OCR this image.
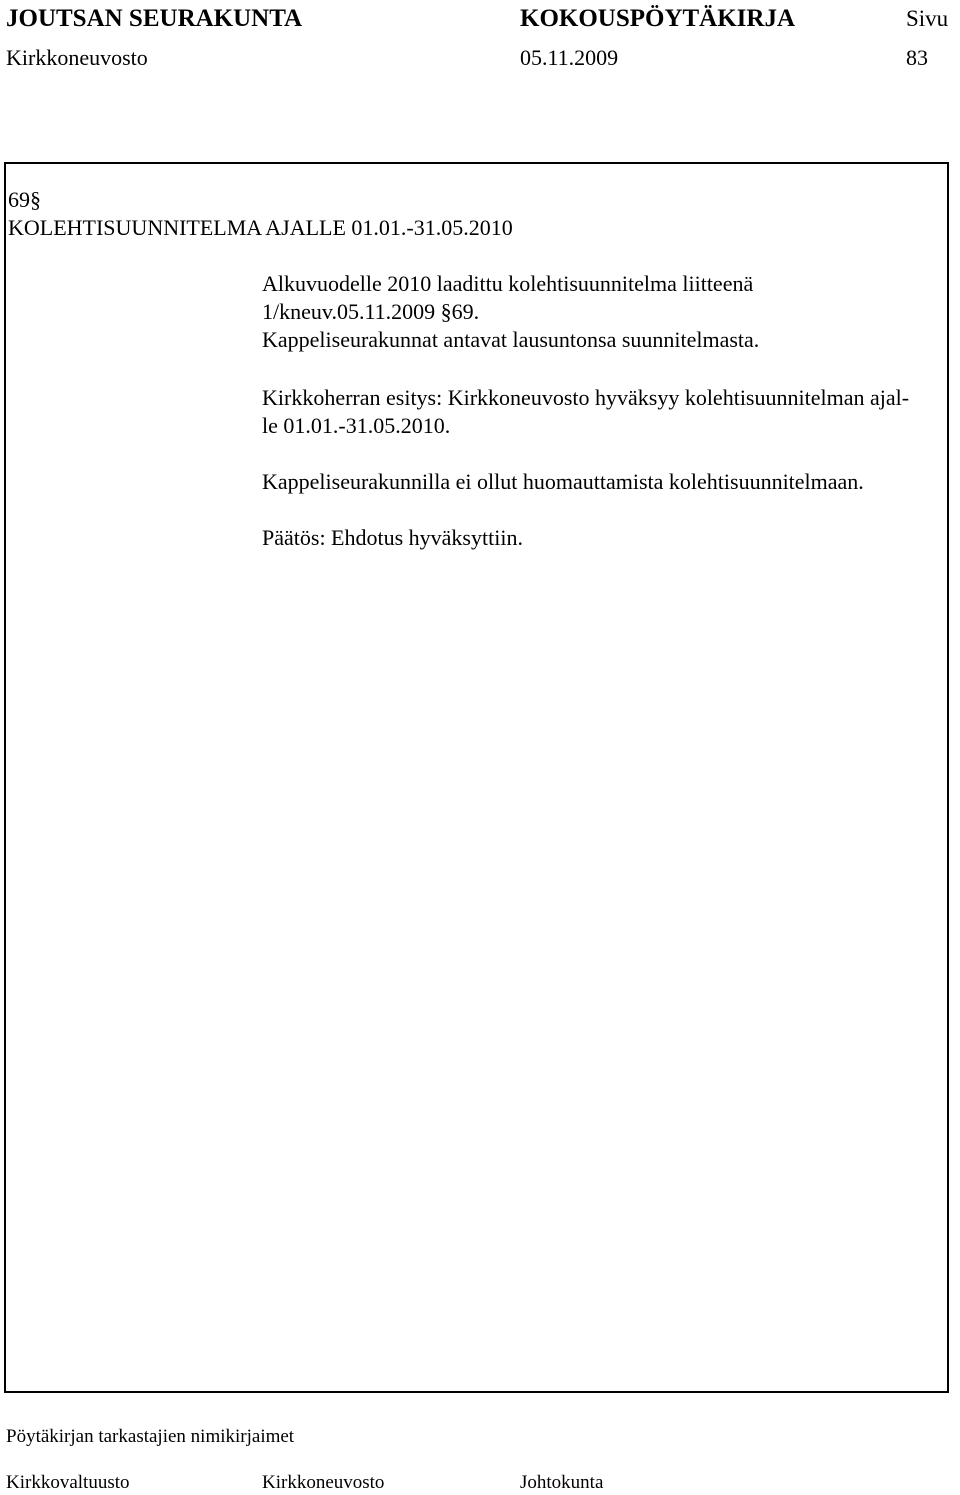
JOUTSAN SEURAKUNTA	KOKOUSPÖYTÄKIRJA	Sivu
Kirkkoneuvosto	05.11.2009	83
69§
KOLEHTISUUNNITELMA AJALLE 01.01.-31.05.2010
Alkuvuodelle 2010 laadittu kolehtisuunnitelma liitteenä
1/kneuv.05.11.2009 §69.
Kappeliseurakunnat antavat lausuntonsa suunnitelmasta.
Kirkkoherran esitys: Kirkkoneuvosto hyväksyy kolehtisuunnitelman ajal-
le 01.01.-31.05.2010.
Kappeliseurakunnilla ei ollut huomauttamista kolehtisuunnitelmaan.
Päätös: Ehdotus hyväksyttiin.
Pöytäkirjan tarkastajien nimikirjaimet
Kirkkovaltuusto	Kirkkoneuvosto	Johtokunta
